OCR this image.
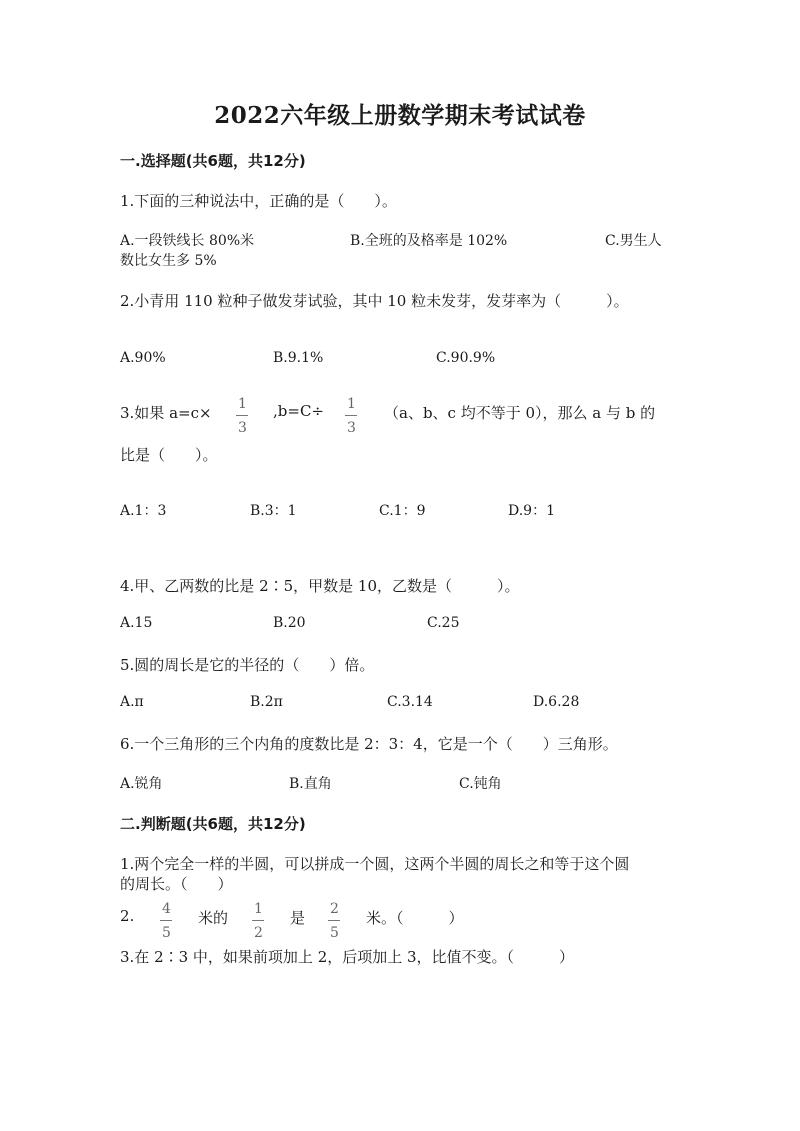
2022六年级上册数学期末考试试卷
一.选择题(共6题，共12分)
1.下面的三种说法中，正确的是（　　）。
A.一段铁线长 80%米	B.全班的及格率是 102%	C.男生人
数比女生多 5%
2.小青用 110 粒种子做发芽试验，其中 10 粒未发芽，发芽率为（　　　）。
A.90%	B.9.1%	C.90.9%
3.如果 a=c× 1
3
,b=C÷ 1
3
（a、b、c 均不等于 0），那么 a 与 b 的
比是（　　）。
A.1：3	B.3：1	C.1：9	D.9：1
4.甲、乙两数的比是 2∶5，甲数是 10，乙数是（　　　）。
A.15	B.20	C.25
5.圆的周长是它的半径的（　　）倍。
A.π	B.2π	C.3.14	D.6.28
6.一个三角形的三个内角的度数比是 2：3：4，它是一个（　　）三角形。
A.锐角	B.直角	C.钝角
二.判断题(共6题，共12分)
1.两个完全一样的半圆，可以拼成一个圆，这两个半圆的周长之和等于这个圆
的周长。（　　）
2. 4
5
米的 1
2
是 2
5
米。（　　　）
3.在 2∶3 中，如果前项加上 2，后项加上 3，比值不变。（　　　）
